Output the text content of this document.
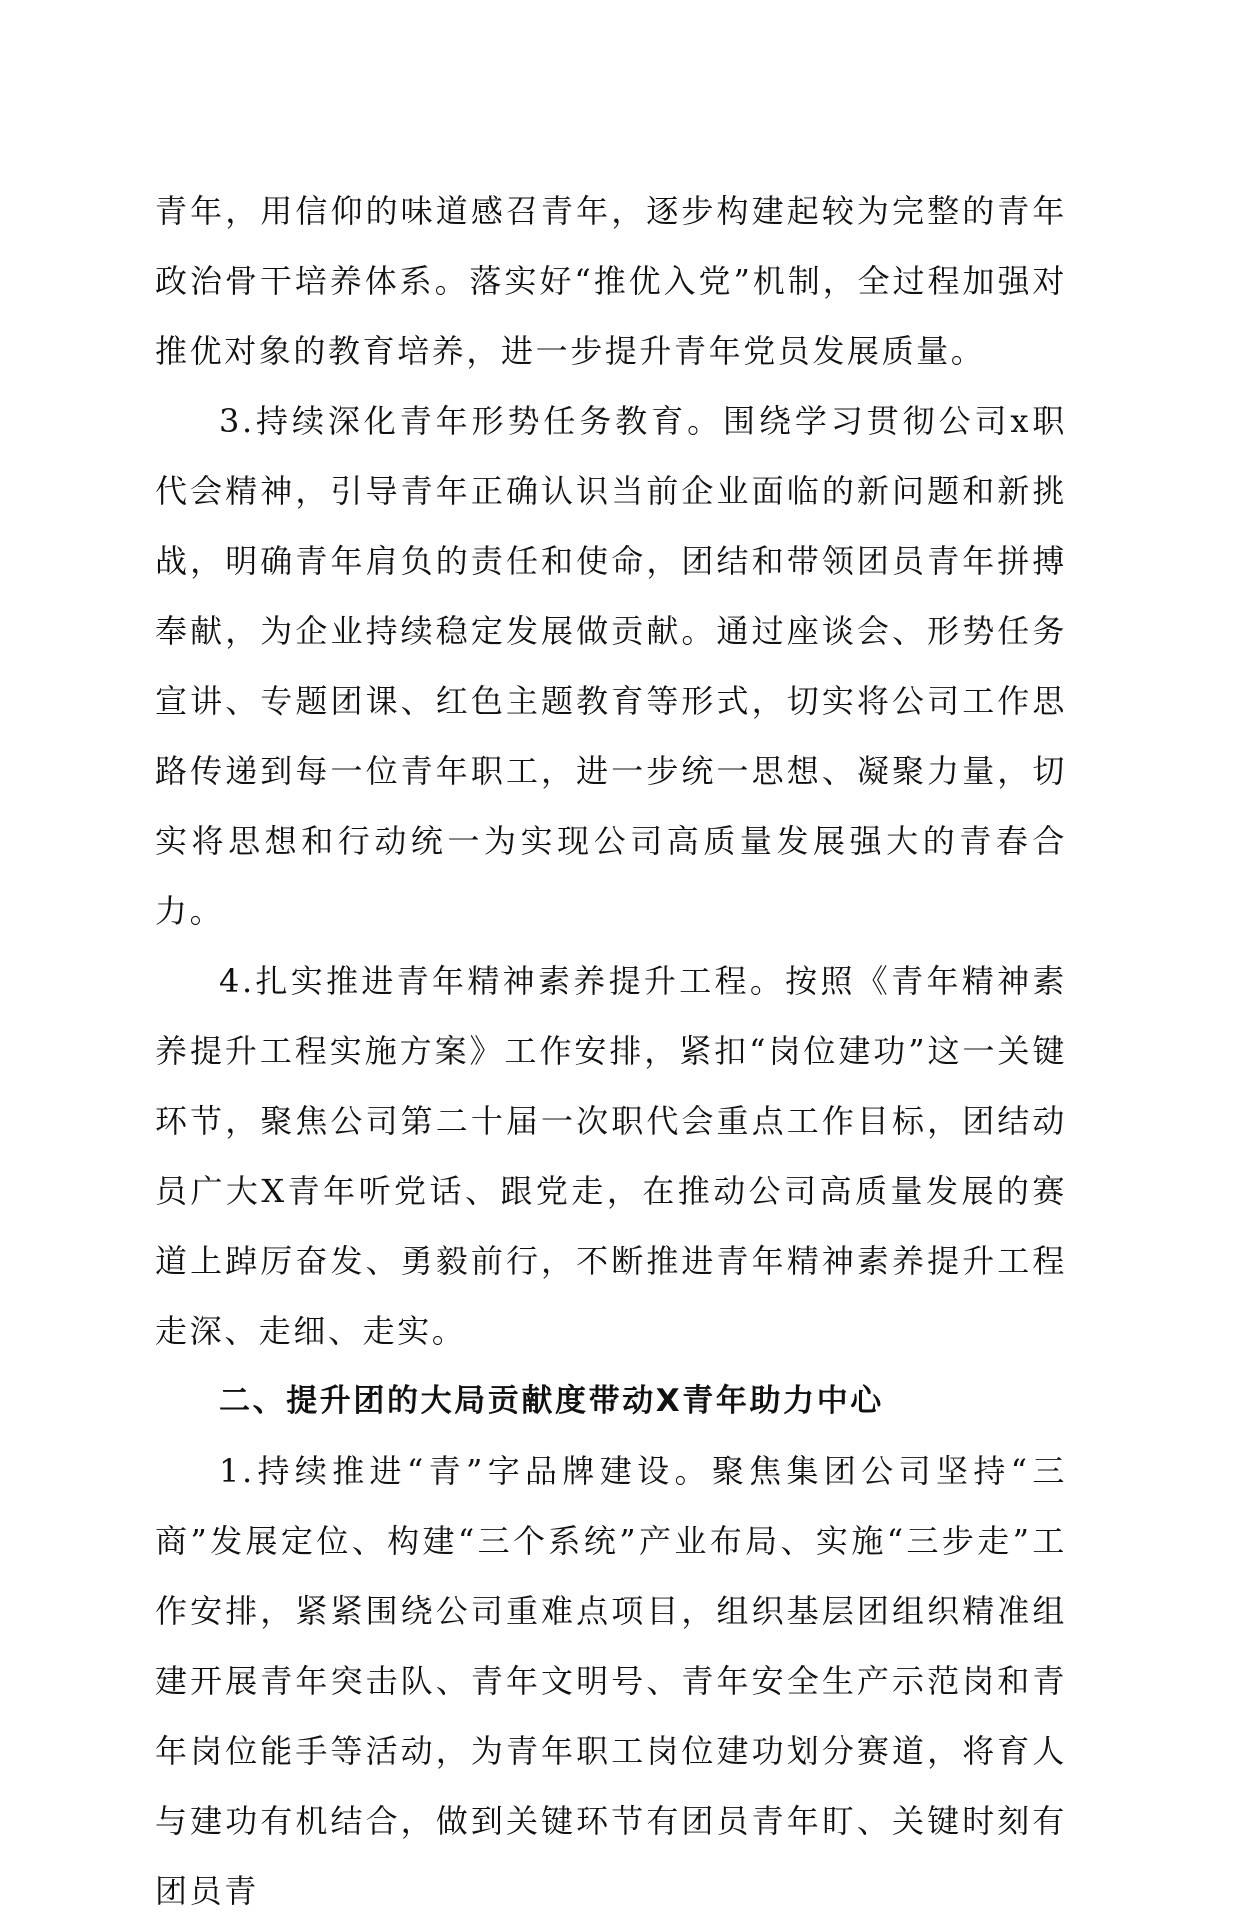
青年，用信仰的味道感召青年，逐步构建起较为完整的青年政治骨干培养体系。落实好“推优入党”机制，全过程加强对推优对象的教育培养，进一步提升青年党员发展质量。

3.持续深化青年形势任务教育。围绕学习贯彻公司x职代会精神，引导青年正确认识当前企业面临的新问题和新挑战，明确青年肩负的责任和使命，团结和带领团员青年拼搏奉献，为企业持续稳定发展做贡献。通过座谈会、形势任务宣讲、专题团课、红色主题教育等形式，切实将公司工作思路传递到每一位青年职工，进一步统一思想、凝聚力量，切实将思想和行动统一为实现公司高质量发展强大的青春合力。

4.扎实推进青年精神素养提升工程。按照《青年精神素养提升工程实施方案》工作安排，紧扣“岗位建功”这一关键环节，聚焦公司第二十届一次职代会重点工作目标，团结动员广大X青年听党话、跟党走，在推动公司高质量发展的赛道上踔厉奋发、勇毅前行，不断推进青年精神素养提升工程走深、走细、走实。

二、提升团的大局贡献度带动X青年助力中心

1.持续推进“青”字品牌建设。聚焦集团公司坚持“三商”发展定位、构建“三个系统”产业布局、实施“三步走”工作安排，紧紧围绕公司重难点项目，组织基层团组织精准组建开展青年突击队、青年文明号、青年安全生产示范岗和青年岗位能手等活动，为青年职工岗位建功划分赛道，将育人与建功有机结合，做到关键环节有团员青年盯、关键时刻有团员青
